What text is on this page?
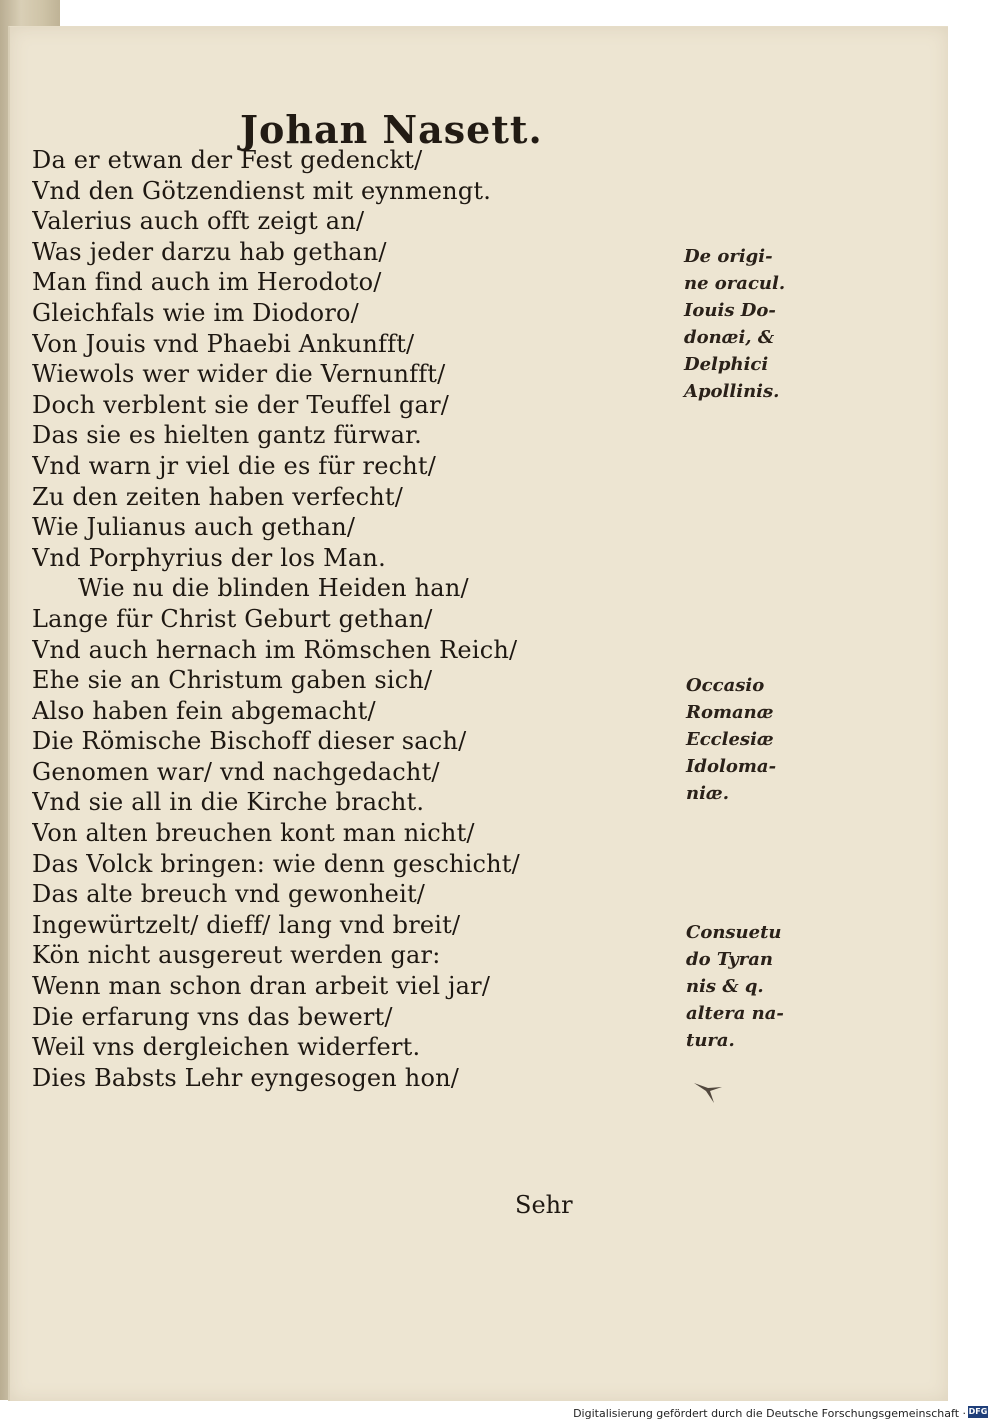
Johan Nasett.
Da er etwan der Fest gedenckt/
Vnd den Götzendienst mit eynmengt.
Valerius auch offt zeigt an/
Was jeder darzu hab gethan/
Man find auch im Herodoto/
Gleichfals wie im Diodoro/
Von Jouis vnd Phaebi Ankunfft/
Wiewols wer wider die Vernunfft/
Doch verblent sie der Teuffel gar/
Das sie es hielten gantz fürwar.
Vnd warn jr viel die es für recht/
Zu den zeiten haben verfecht/
Wie Julianus auch gethan/
Vnd Porphyrius der los Man.
Wie nu die blinden Heiden han/
Lange für Christ Geburt gethan/
Vnd auch hernach im Römschen Reich/
Ehe sie an Christum gaben sich/
Also haben fein abgemacht/
Die Römische Bischoff dieser sach/
Genomen war/ vnd nachgedacht/
Vnd sie all in die Kirche bracht.
Von alten breuchen kont man nicht/
Das Volck bringen: wie denn geschicht/
Das alte breuch vnd gewonheit/
Ingewürtzelt/ dieff/ lang vnd breit/
Kön nicht ausgereut werden gar:
Wenn man schon dran arbeit viel jar/
Die erfarung vns das bewert/
Weil vns dergleichen widerfert.
Dies Babsts Lehr eyngesogen hon/
Sehr
De origi-
ne oracul.
Iouis Do-
donæi, &
Delphici
Apollinis.
Occasio
Romanæ
Ecclesiæ
Idoloma-
niæ.
Consuetu
do Tyran
nis & q.
altera na-
tura.
Digitalisierung gefördert durch die Deutsche Forschungsgemeinschaft · DFG
